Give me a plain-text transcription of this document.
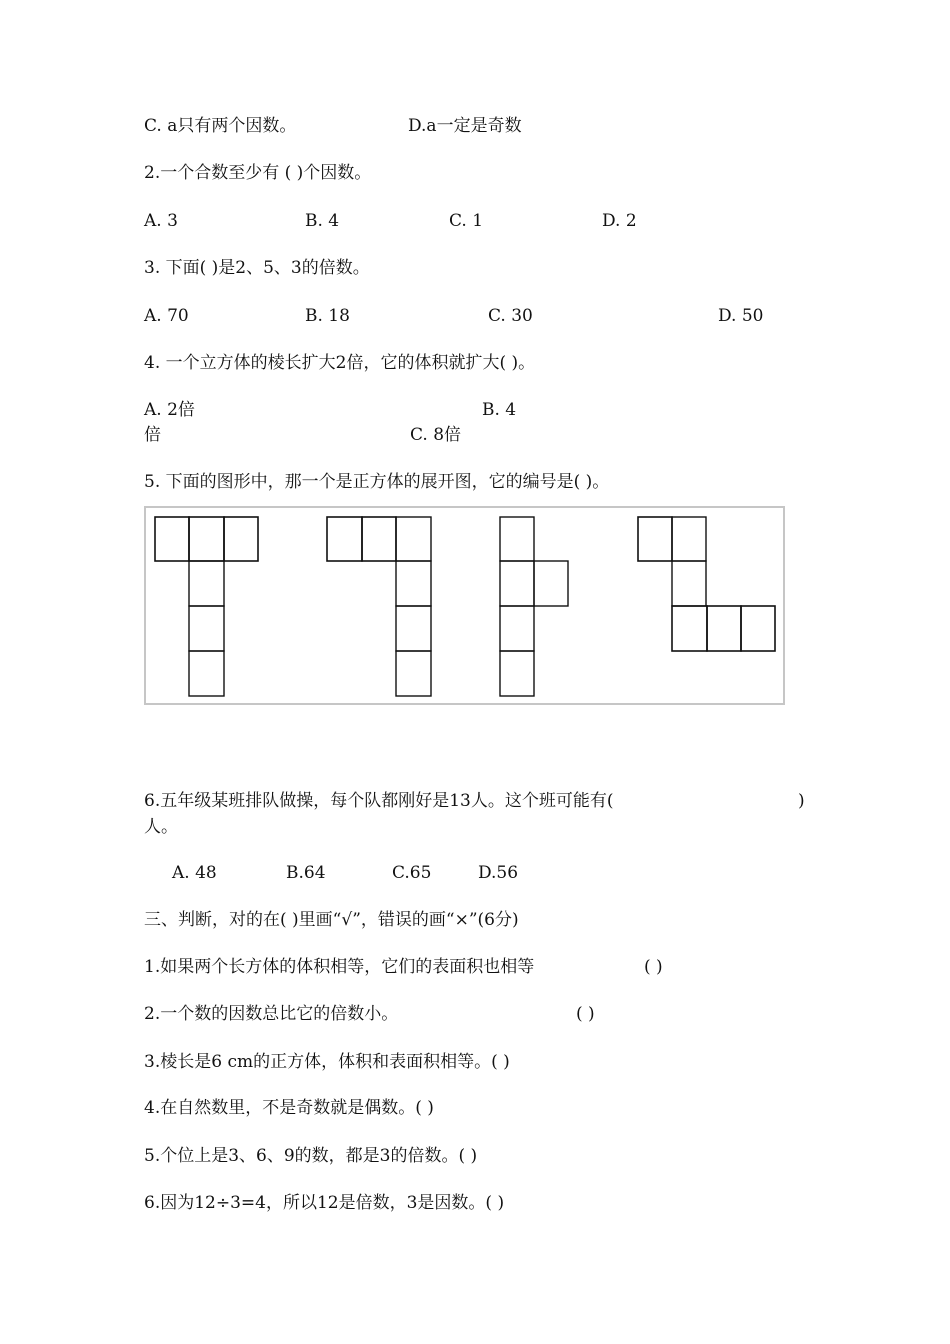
C. a只有两个因数。	D.a一定是奇数
2.一个合数至少有 ( )个因数。
A. 3	B. 4	C. 1	D. 2
3. 下面( )是2、5、3的倍数。
A. 70	B. 18	C. 30	D. 50
4. 一个立方体的棱长扩大2倍，它的体积就扩大( )。
A. 2倍	B. 4
倍	C. 8倍
5. 下面的图形中，那一个是正方体的展开图，它的编号是( )。
6.五年级某班排队做操，每个队都刚好是13人。这个班可能有(	)
人。
A. 48	B.64	C.65	D.56
三、判断，对的在( )里画“√”，错误的画“×”(6分)
1.如果两个长方体的体积相等，它们的表面积也相等	( )
2.一个数的因数总比它的倍数小。	( )
3.棱长是6 cm的正方体，体积和表面积相等。( )
4.在自然数里，不是奇数就是偶数。( )
5.个位上是3、6、9的数，都是3的倍数。( )
6.因为12÷3=4，所以12是倍数，3是因数。( )
